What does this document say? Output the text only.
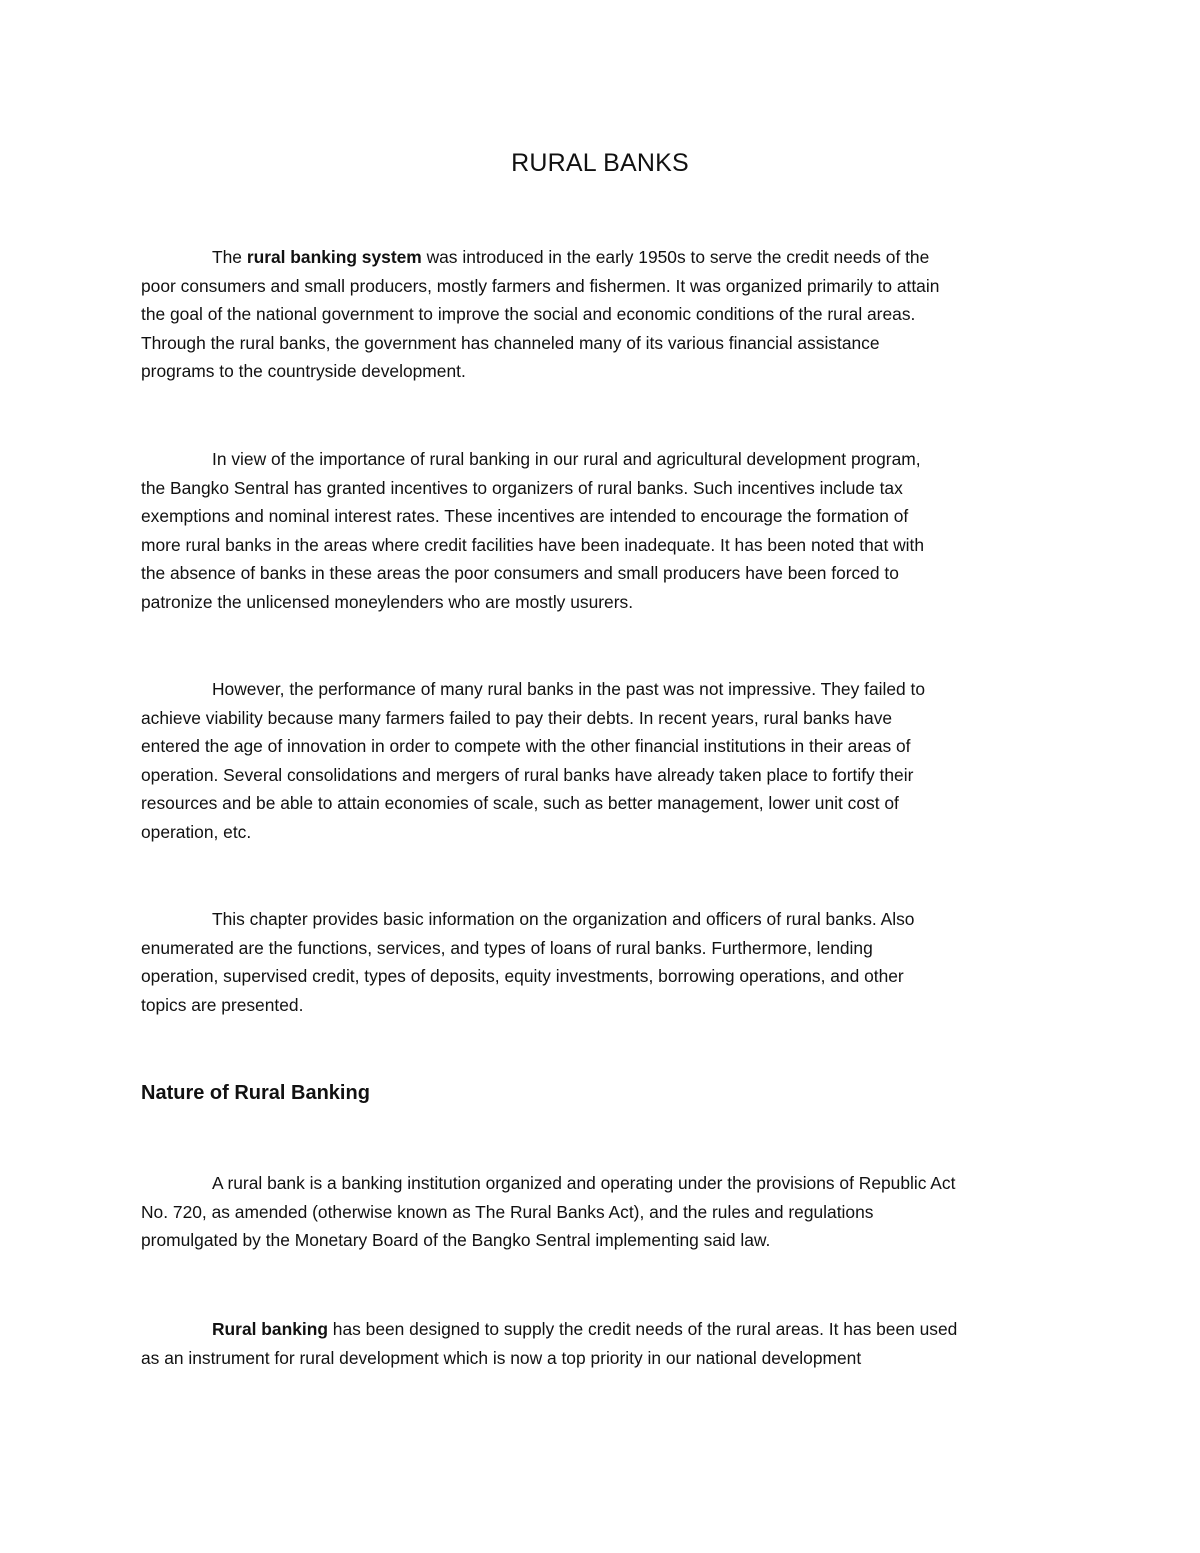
RURAL BANKS
The rural banking system was introduced in the early 1950s to serve the credit needs of the
poor consumers and small producers, mostly farmers and fishermen. It was organized primarily to attain
the goal of the national government to improve the social and economic conditions of the rural areas.
Through the rural banks, the government has channeled many of its various financial assistance
programs to the countryside development.
In view of the importance of rural banking in our rural and agricultural development program,
the Bangko Sentral has granted incentives to organizers of rural banks. Such incentives include tax
exemptions and nominal interest rates. These incentives are intended to encourage the formation of
more rural banks in the areas where credit facilities have been inadequate. It has been noted that with
the absence of banks in these areas the poor consumers and small producers have been forced to
patronize the unlicensed moneylenders who are mostly usurers.
However, the performance of many rural banks in the past was not impressive. They failed to
achieve viability because many farmers failed to pay their debts. In recent years, rural banks have
entered the age of innovation in order to compete with the other financial institutions in their areas of
operation. Several consolidations and mergers of rural banks have already taken place to fortify their
resources and be able to attain economies of scale, such as better management, lower unit cost of
operation, etc.
This chapter provides basic information on the organization and officers of rural banks. Also
enumerated are the functions, services, and types of loans of rural banks. Furthermore, lending
operation, supervised credit, types of deposits, equity investments, borrowing operations, and other
topics are presented.
Nature of Rural Banking
A rural bank is a banking institution organized and operating under the provisions of Republic Act
No. 720, as amended (otherwise known as The Rural Banks Act), and the rules and regulations
promulgated by the Monetary Board of the Bangko Sentral implementing said law.
Rural banking has been designed to supply the credit needs of the rural areas. It has been used
as an instrument for rural development which is now a top priority in our national development
